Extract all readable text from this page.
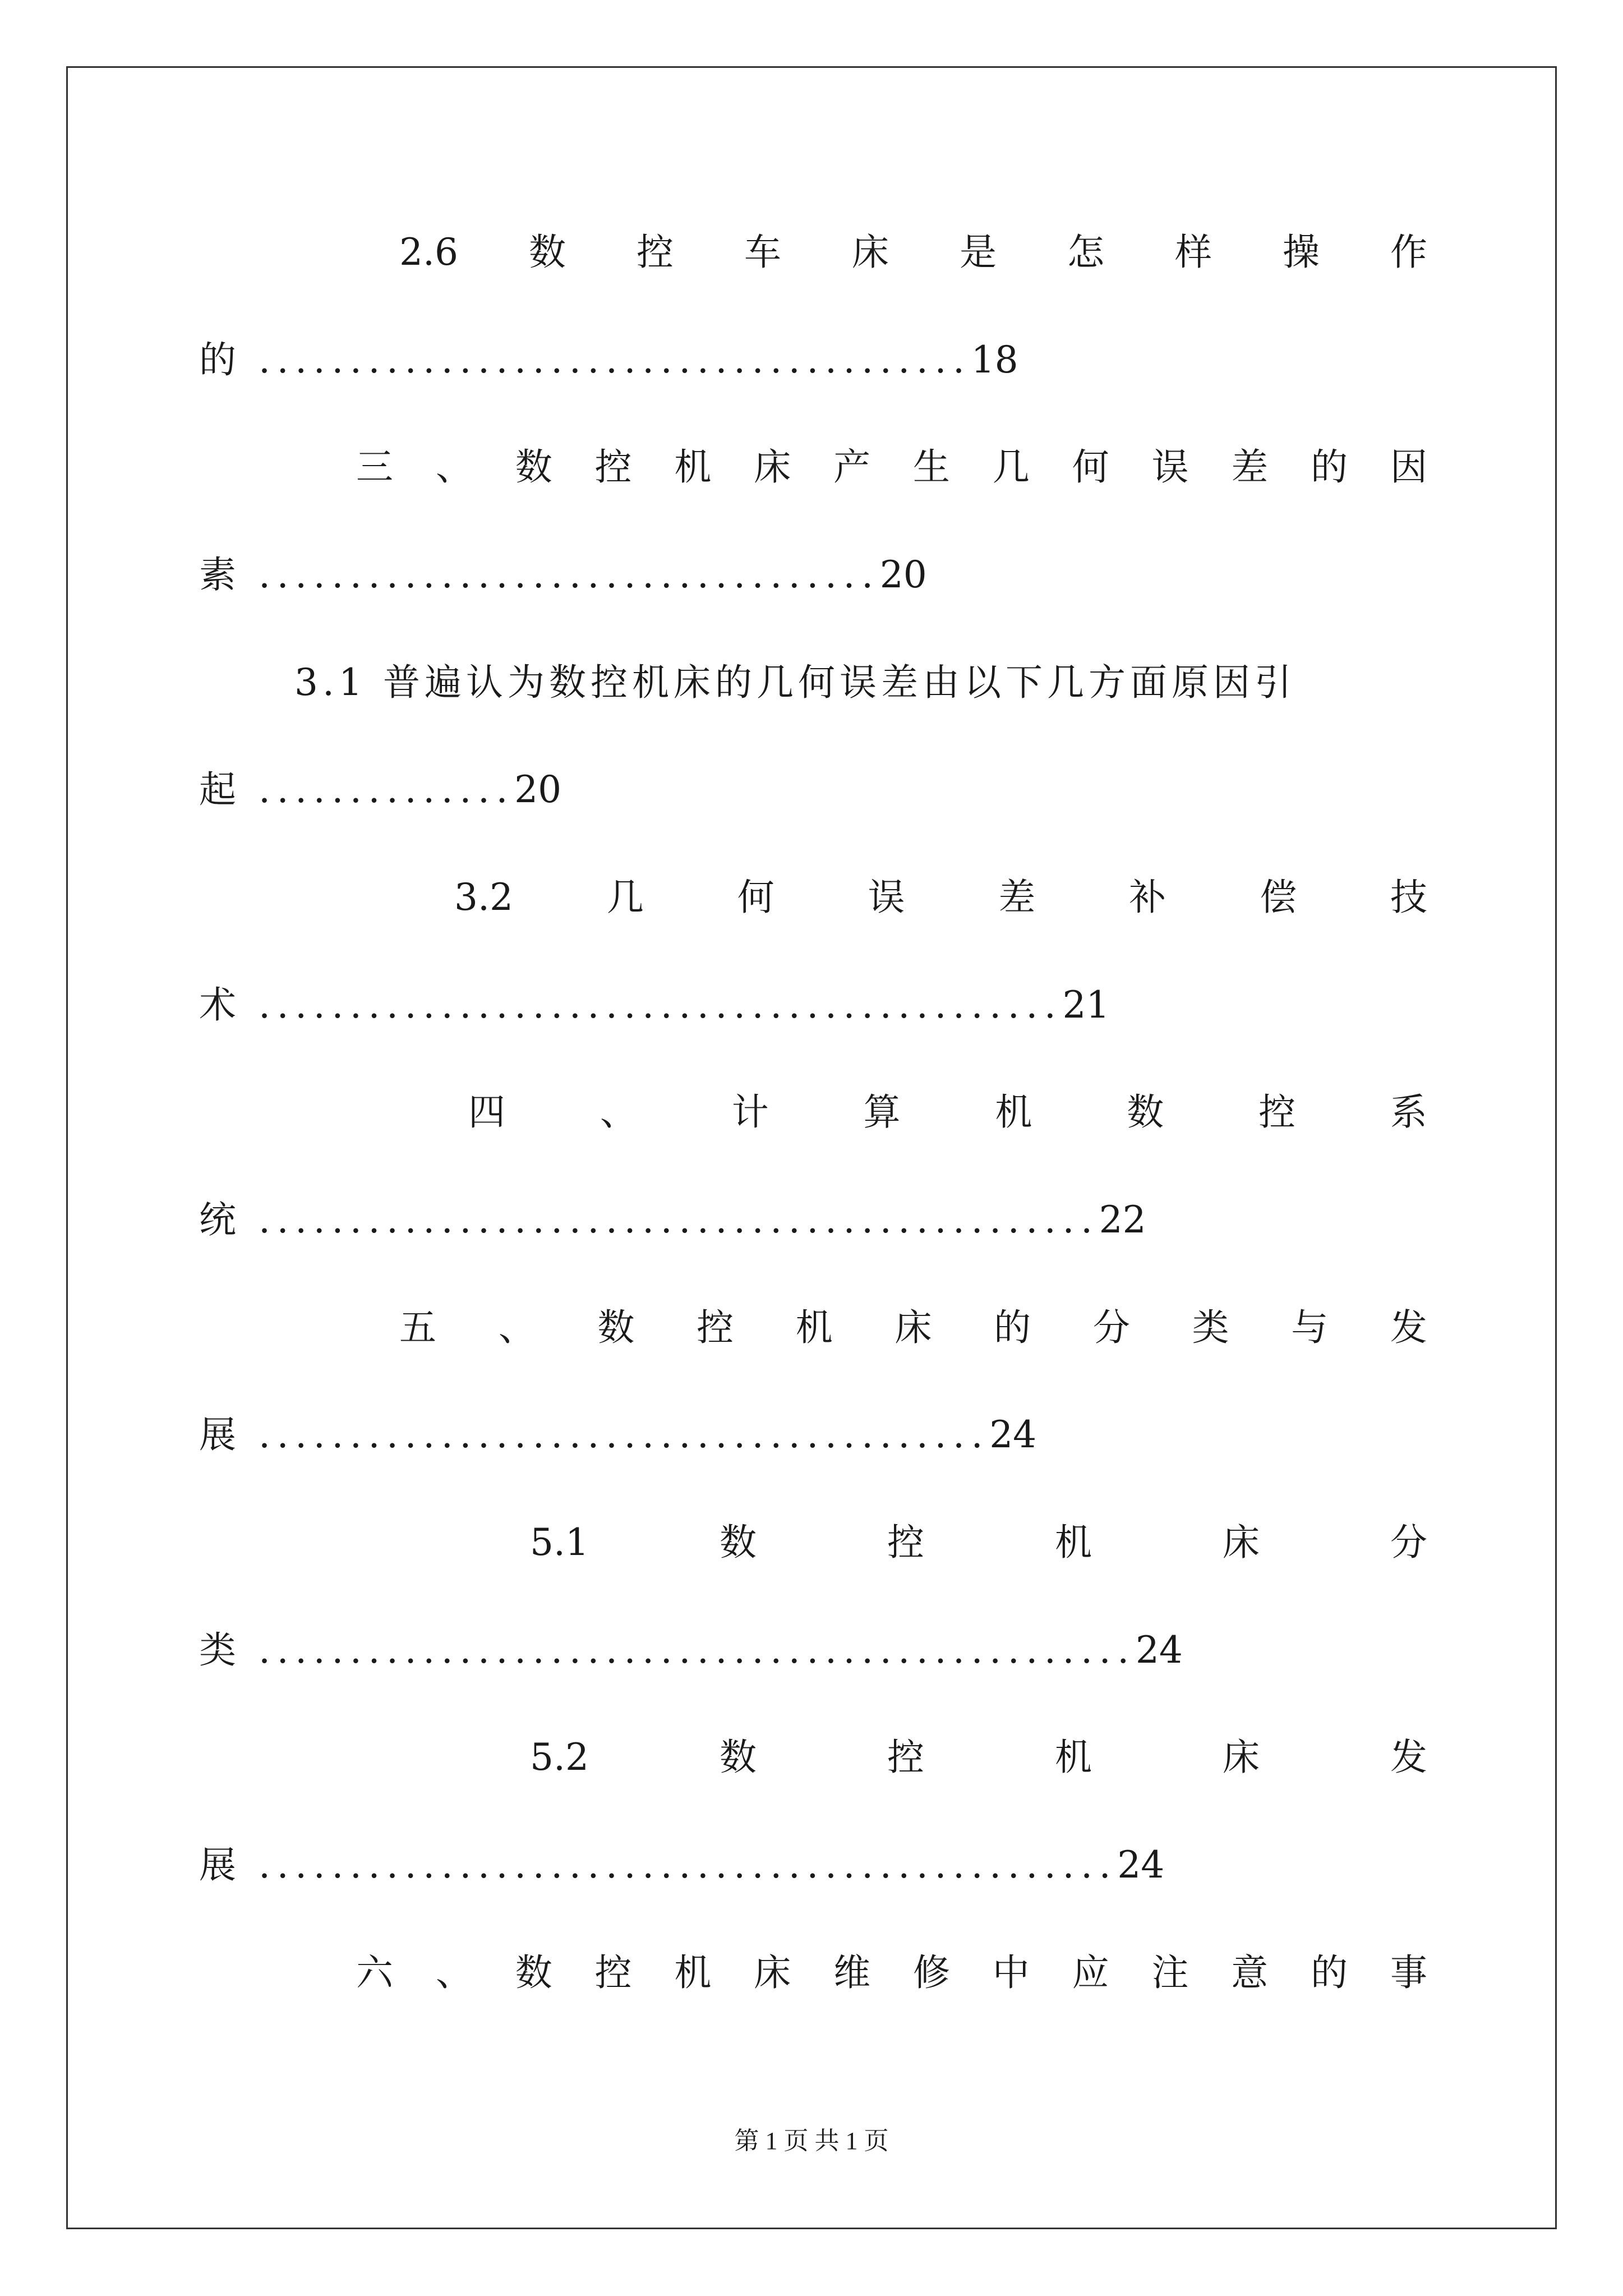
2.6 数 控 车 床 是 怎 样 操 作
的 ....................................... 18
三 、 数 控 机 床 产 生 几 何 误 差 的 因
素 .................................. 20
3.1 普遍认为数控机床的几何误差由以下几方面原因引
起 .............. 20
3.2	几	何	误	差	补	偿	技
术 ............................................ 21
四	、	计	算	机	数	控	系
统 .............................................. 22
五 、 数 控 机 床 的 分 类 与 发
展 ........................................ 24
5.1	数	控	机	床	分
类 ................................................ 24
5.2	数	控	机	床	发
展 ............................................... 24
六 、 数 控 机 床 维 修 中 应 注 意 的 事
第 1 页 共 1 页
